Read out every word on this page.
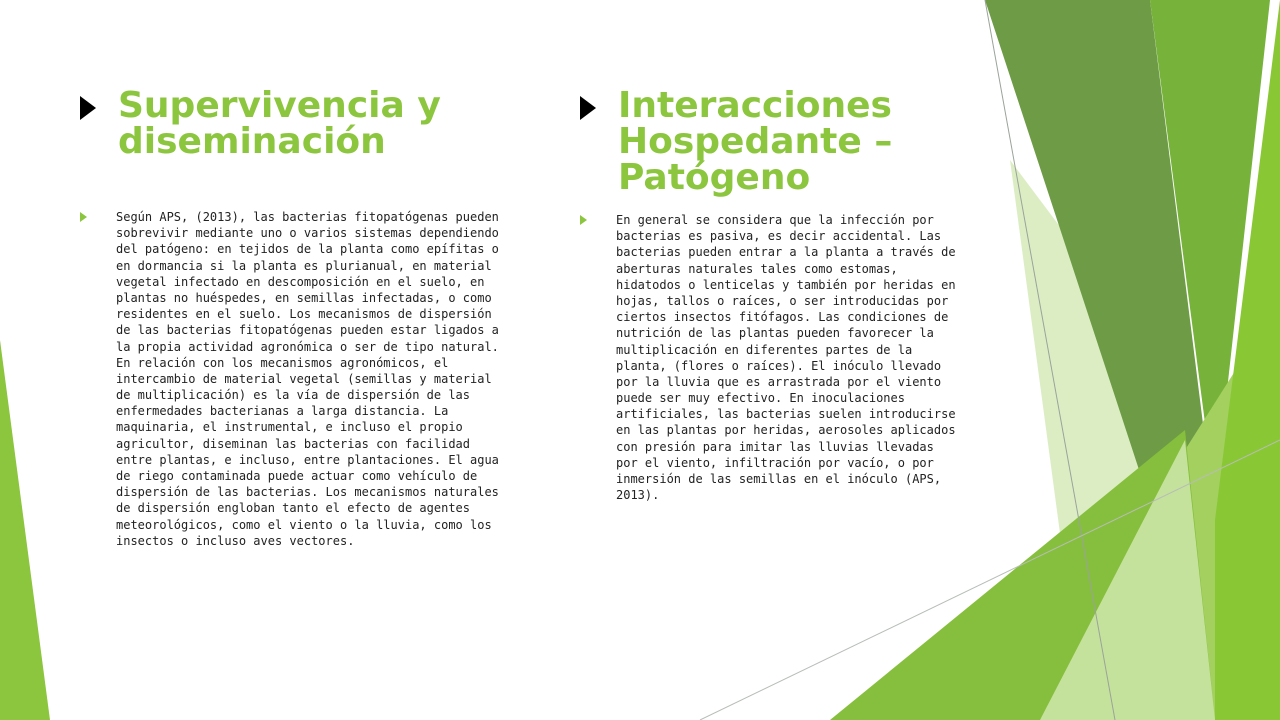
Supervivencia y diseminación
Según APS, (2013), las bacterias fitopatógenas pueden sobrevivir mediante uno o varios sistemas dependiendo del patógeno: en tejidos de la planta como epífitas o en dormancia si la planta es plurianual, en material vegetal infectado en descomposición en el suelo, en plantas no huéspedes, en semillas infectadas, o como residentes en el suelo. Los mecanismos de dispersión de las bacterias fitopatógenas pueden estar ligados a la propia actividad agronómica o ser de tipo natural. En relación con los mecanismos agronómicos, el intercambio de material vegetal (semillas y material de multiplicación) es la vía de dispersión de las enfermedades bacterianas a larga distancia. La maquinaria, el instrumental, e incluso el propio agricultor, diseminan las bacterias con facilidad entre plantas, e incluso, entre plantaciones. El agua de riego contaminada puede actuar como vehículo de dispersión de las bacterias. Los mecanismos naturales de dispersión engloban tanto el efecto de agentes meteorológicos, como el viento o la lluvia, como los insectos o incluso aves vectores.
Interacciones Hospedante – Patógeno
En general se considera que la infección por bacterias es pasiva, es decir accidental. Las bacterias pueden entrar a la planta a través de aberturas naturales tales como estomas, hidatodos o lenticelas y también por heridas en hojas, tallos o raíces, o ser introducidas por ciertos insectos fitófagos. Las condiciones de nutrición de las plantas pueden favorecer la multiplicación en diferentes partes de la planta, (flores o raíces). El inóculo llevado por la lluvia que es arrastrada por el viento puede ser muy efectivo. En inoculaciones artificiales, las bacterias suelen introducirse en las plantas por heridas, aerosoles aplicados con presión para imitar las lluvias llevadas por el viento, infiltración por vacío, o por inmersión de las semillas en el inóculo (APS, 2013).
